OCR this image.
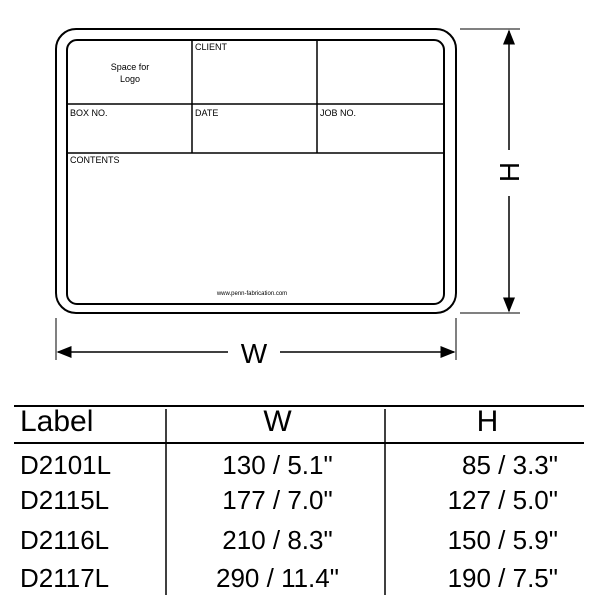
Space for
Logo
CLIENT
BOX NO.	DATE	JOB NO.
CONTENTS
www.penn-fabrication.com
W
H
Label	W	H
D2101L	130 / 5.1"	85 / 3.3"
D2115L	177 / 7.0"	127 / 5.0"
D2116L	210 / 8.3"	150 / 5.9"
D2117L	290 / 11.4"	190 / 7.5"
